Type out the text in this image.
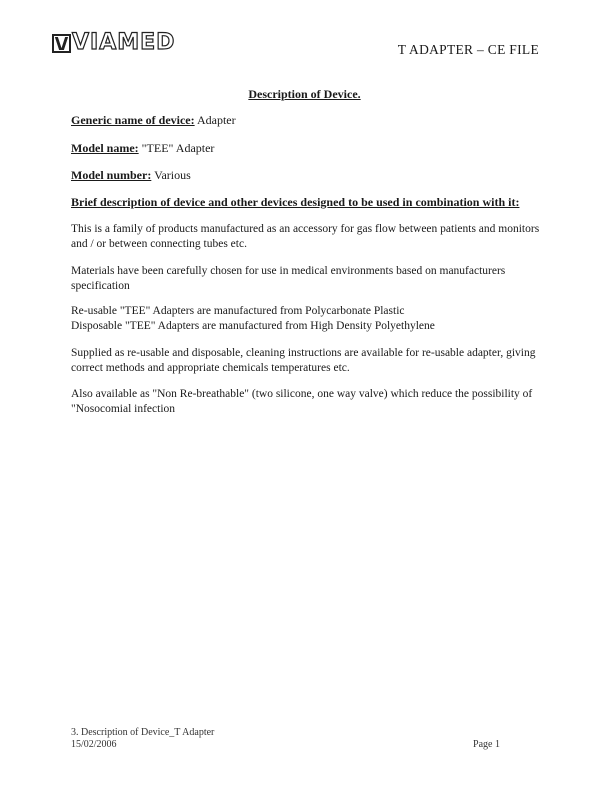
VIAMED	T ADAPTER – CE FILE
Description of Device.
Generic name of device: Adapter
Model name: "TEE" Adapter
Model number: Various
Brief description of device and other devices designed to be used in combination with it:
This is a family of products manufactured as an accessory for gas flow between patients and monitors and / or between connecting tubes etc.
Materials have been carefully chosen for use in medical environments based on manufacturers specification
Re-usable "TEE" Adapters are manufactured from Polycarbonate Plastic
Disposable "TEE" Adapters are manufactured from High Density Polyethylene
Supplied as re-usable and disposable, cleaning instructions are available for re-usable adapter, giving correct methods and appropriate chemicals temperatures etc.
Also available as "Non Re-breathable" (two silicone, one way valve) which reduce the possibility of "Nosocomial infection
3. Description of Device_T Adapter
15/02/2006	Page 1
